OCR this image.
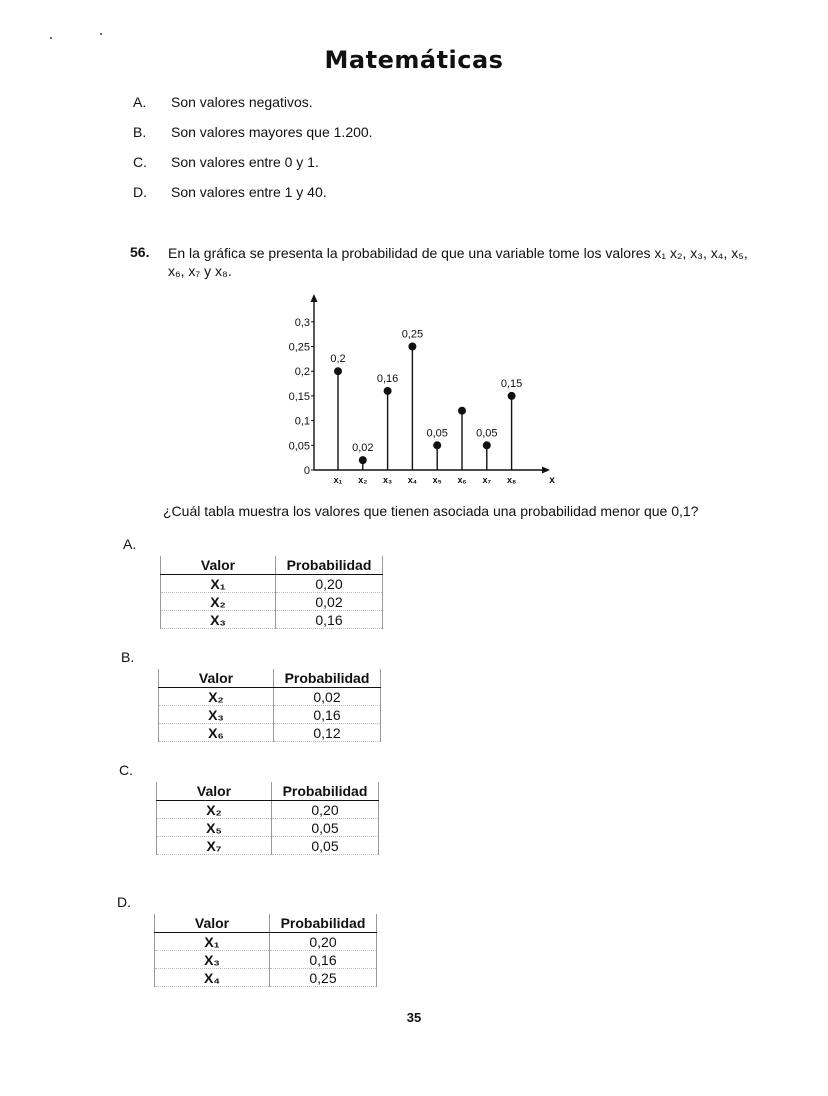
Matemáticas
A. Son valores negativos.
B. Son valores mayores que 1.200.
C. Son valores entre 0 y 1.
D. Son valores entre 1 y 40.
56. En la gráfica se presenta la probabilidad de que una variable tome los valores x₁ x₂, x₃, x₄, x₅, x₆, x₇ y x₈.
0
0,05
0,1
0,15
0,2
0,25
0,3
0,2
x₁
0,02
x₂
0,16
x₃
0,25
x₄
0,05
x₅ x₆
0,05
x₇
0,15
x₈	x
¿Cuál tabla muestra los valores que tienen asociada una probabilidad menor que 0,1?
A.
Valor	Probabilidad
X₁	0,20
X₂	0,02
X₃	0,16
B.
Valor	Probabilidad
X₂	0,02
X₃	0,16
X₆	0,12
C.
Valor	Probabilidad
X₂	0,20
X₅	0,05
X₇	0,05
D.
Valor	Probabilidad
X₁	0,20
X₃	0,16
X₄	0,25
35
